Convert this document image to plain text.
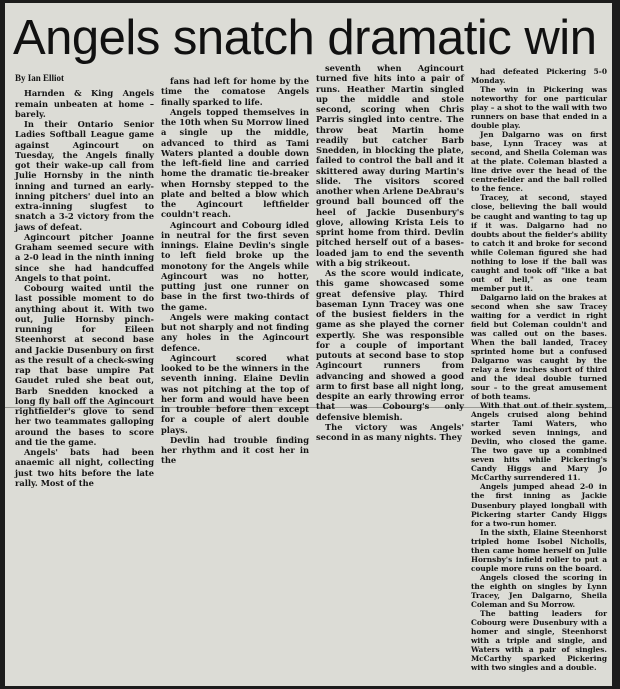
Angels snatch dramatic win
By Ian Elliot

Harnden & King Angels remain unbeaten at home – barely.

In their Ontario Senior Ladies Softball League game against Agincourt on Tuesday, the Angels finally got their wake-up call from Julie Hornsby in the ninth inning and turned an early-inning pitchers' duel into an extra-inning slugfest to snatch a 3-2 victory from the jaws of defeat.

Agincourt pitcher Joanne Graham seemed secure with a 2-0 lead in the ninth inning since she had handcuffed Angels to that point.

Cobourg waited until the last possible moment to do anything about it. With two out, Julie Hornsby pinch-running for Eileen Steenhorst at second base and Jackie Dusenbury on first as the result of a check-swing rap that base umpire Pat Gaudet ruled she beat out, Barb Snedden knocked a long fly ball off the Agincourt rightfielder's glove to send her two teammates galloping around the bases to score and tie the game.

Angels' bats had been anaemic all night, collecting just two hits before the late rally. Most of the

fans had left for home by the time the comatose Angels finally sparked to life.

Angels topped themselves in the 10th when Su Morrow lined a single up the middle, advanced to third as Tami Waters planted a double down the left-field line and carried home the dramatic tie-breaker when Hornsby stepped to the plate and belted a blow which the Agincourt leftfielder couldn't reach.

Agincourt and Cobourg idled in neutral for the first seven innings. Elaine Devlin's single to left field broke up the monotony for the Angels while Agincourt was no hotter, putting just one runner on base in the first two-thirds of the game.

Angels were making contact but not sharply and not finding any holes in the Agincourt defence.

Agincourt scored what looked to be the winners in the seventh inning. Elaine Devlin was not pitching at the top of her form and would have been in trouble before then except for a couple of alert double plays.

Devlin had trouble finding her rhythm and it cost her in the

seventh when Agincourt turned five hits into a pair of runs. Heather Martin singled up the middle and stole second, scoring when Chris Parris singled into centre. The throw beat Martin home readily but catcher Barb Snedden, in blocking the plate, failed to control the ball and it skittered away during Martin's slide. The visitors scored another when Arlene DeAbrau's ground ball bounced off the heel of Jackie Dusenbury's glove, allowing Krista Leis to sprint home from third. Devlin pitched herself out of a bases-loaded jam to end the seventh with a big strikeout.

As the score would indicate, this game showcased some great defensive play. Third baseman Lynn Tracey was one of the busiest fielders in the game as she played the corner expertly. She was responsible for a couple of important putouts at second base to stop Agincourt runners from advancing and showed a good arm to first base all night long, despite an early throwing error that was Cobourg's only defensive blemish.

The victory was Angels' second in as many nights. They

had defeated Pickering 5-0 Monday.

The win in Pickering was noteworthy for one particular play – a shot to the wall with two runners on base that ended in a double play.

Jen Dalgarno was on first base, Lynn Tracey was at second, and Sheila Coleman was at the plate. Coleman blasted a line drive over the head of the centrefielder and the ball rolled to the fence.

Tracey, at second, stayed close, believing the ball would be caught and wanting to tag up if it was. Dalgarno had no doubts about the fielder's ability to catch it and broke for second while Coleman figured she had nothing to lose if the ball was caught and took off "like a bat out of hell," as one team member put it.

Dalgarno laid on the brakes at second when she saw Tracey waiting for a verdict in right field but Coleman couldn't and was called out on the bases. When the ball landed, Tracey sprinted home but a confused Dalgarno was caught by the relay a few inches short of third and the ideal double turned sour – to the great amusement of both teams.

With that out of their system, Angels cruised along behind starter Tami Waters, who worked seven innings, and Devlin, who closed the game. The two gave up a combined seven hits while Pickering's Candy Higgs and Mary Jo McCarthy surrendered 11.

Angels jumped ahead 2-0 in the first inning as Jackie Dusenbury played longball with Pickering starter Candy Higgs for a two-run homer.

In the sixth, Elaine Steenhorst tripled home Isobel Nicholls, then came home herself on Julie Hornsby's infield roller to put a couple more runs on the board.

Angels closed the scoring in the eighth on singles by Lynn Tracey, Jen Dalgarno, Sheila Coleman and Su Morrow.

The batting leaders for Cobourg were Dusenbury with a homer and single, Steenhorst with a triple and single, and Waters with a pair of singles. McCarthy sparked Pickering with two singles and a double.
